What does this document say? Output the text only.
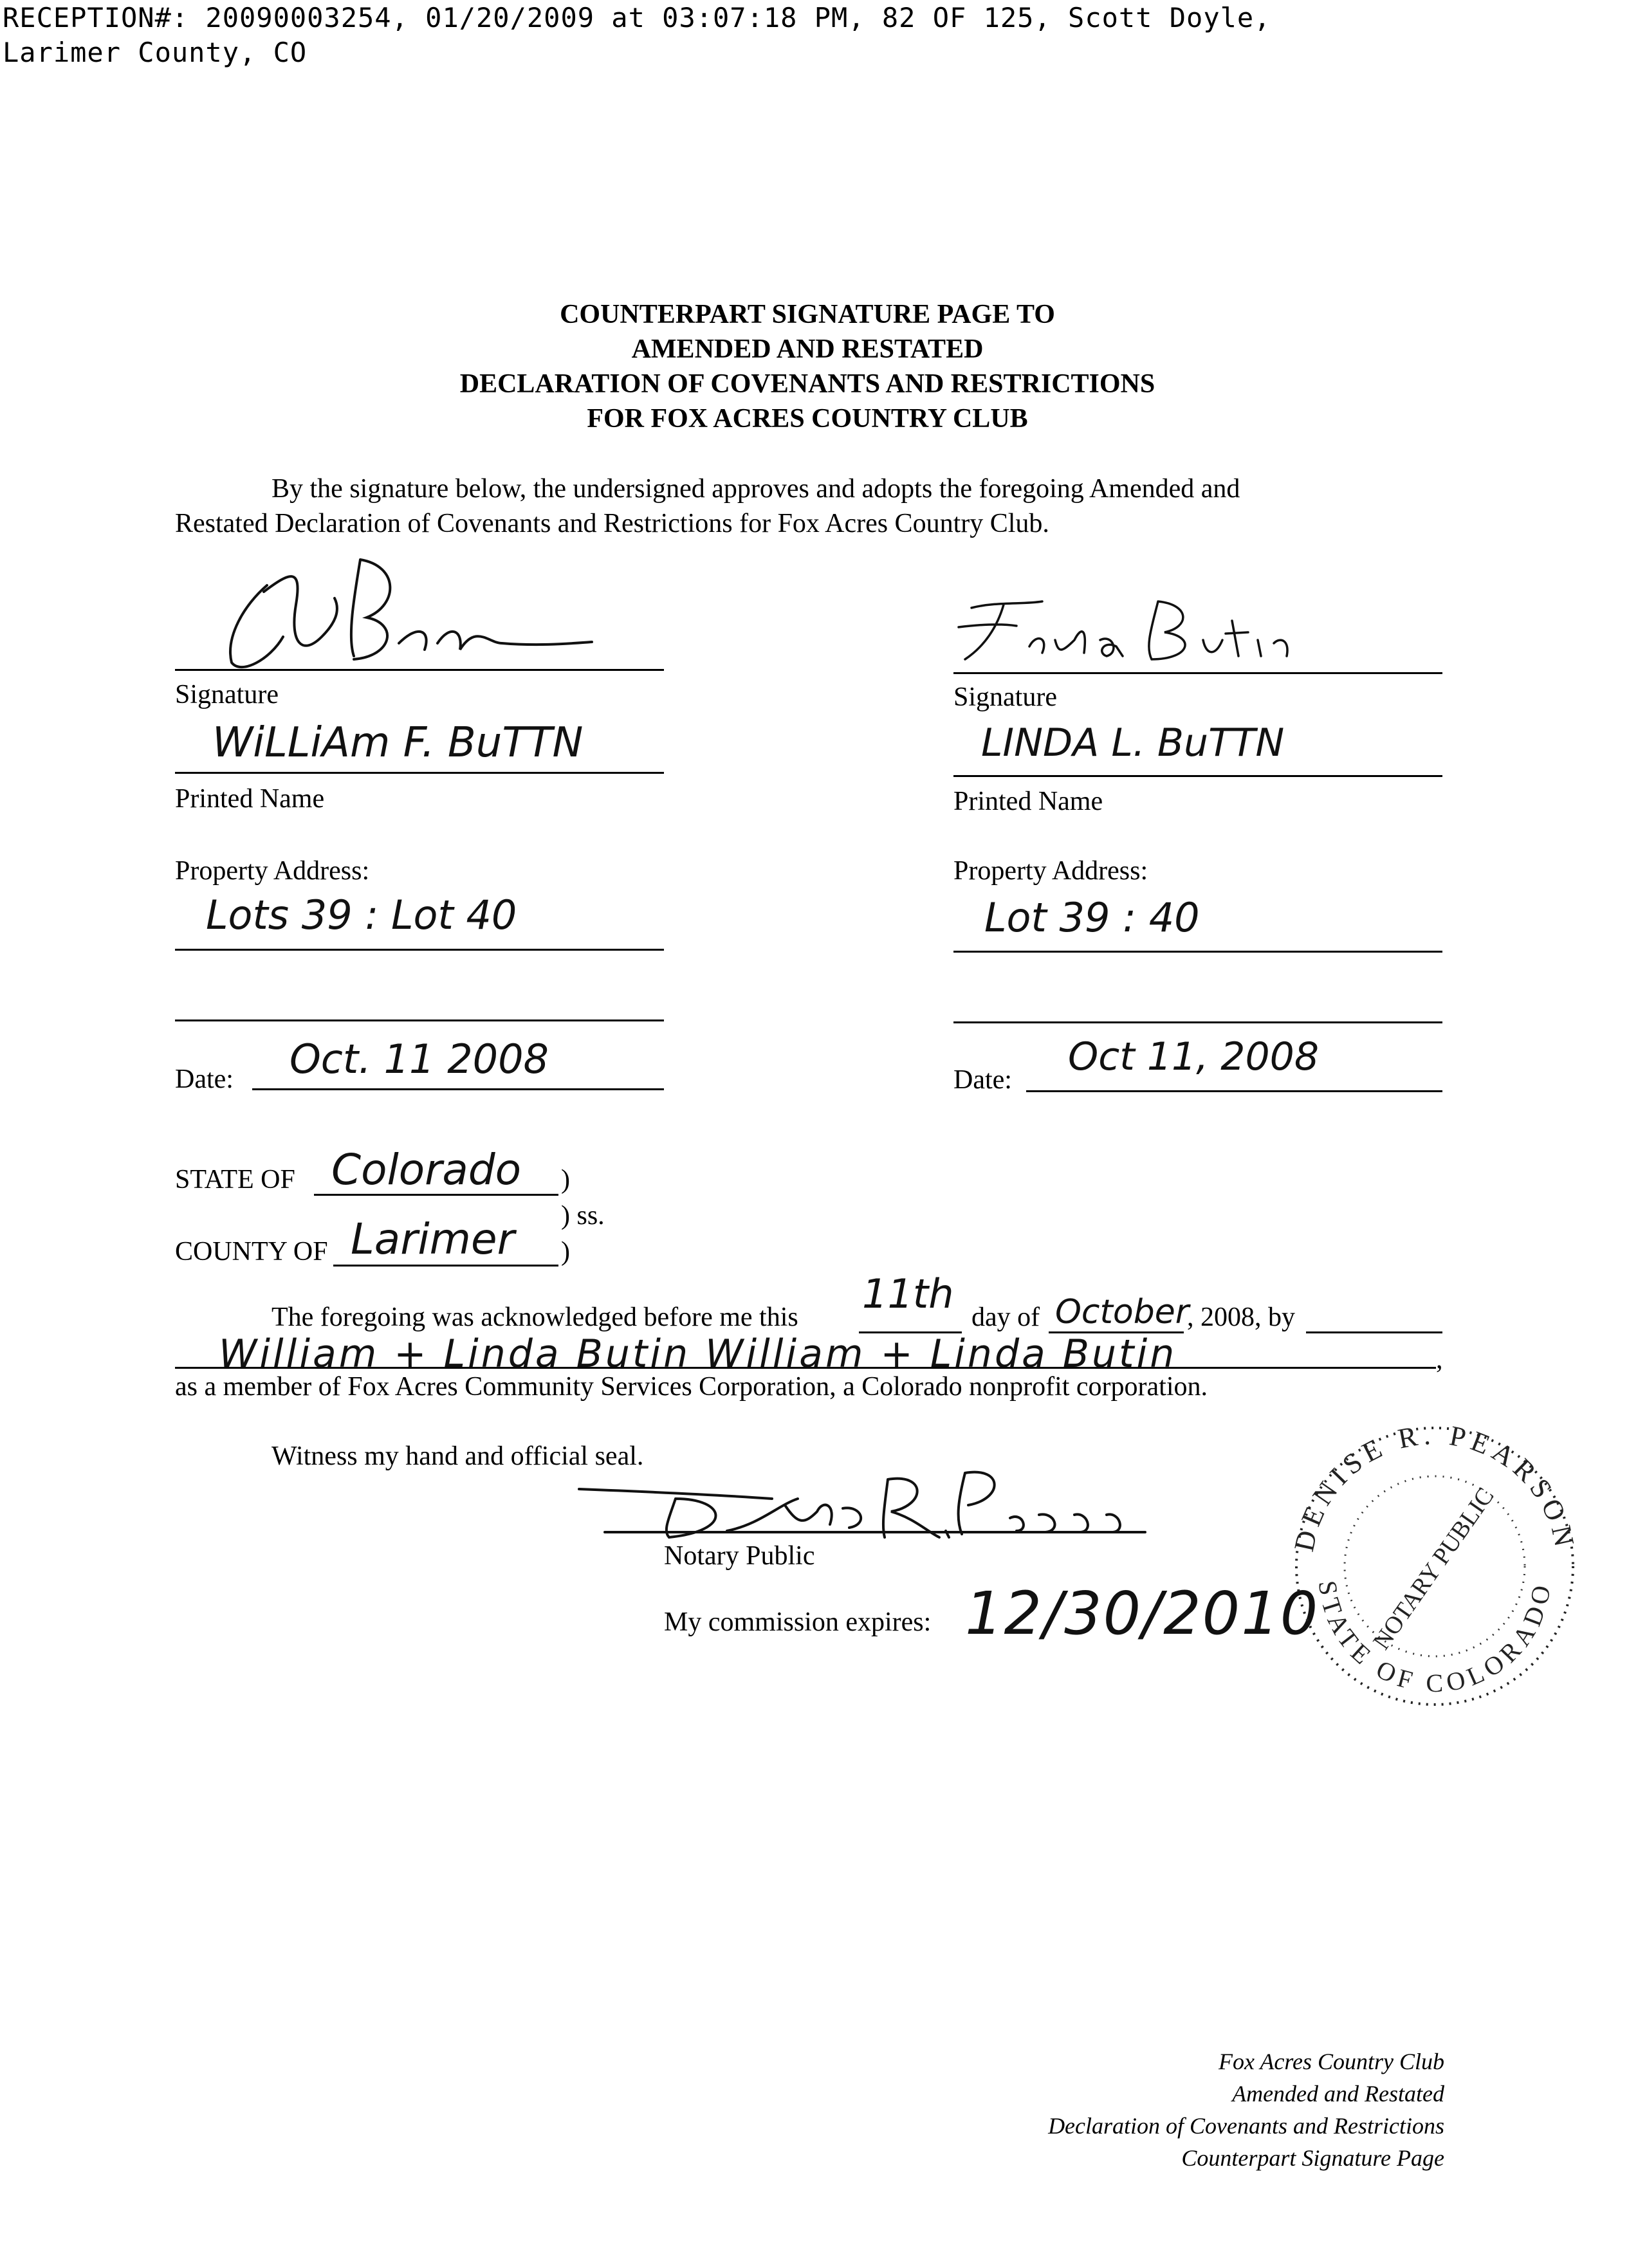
RECEPTION#: 20090003254, 01/20/2009 at 03:07:18 PM, 82 OF 125, Scott Doyle,
Larimer County, CO
COUNTERPART SIGNATURE PAGE TO
AMENDED AND RESTATED
DECLARATION OF COVENANTS AND RESTRICTIONS
FOR FOX ACRES COUNTRY CLUB
By the signature below, the undersigned approves and adopts the foregoing Amended and
Restated Declaration of Covenants and Restrictions for Fox Acres Country Club.
Signature
WiLLiAm F. BuTTN
Printed Name
Property Address:
Lots 39 : Lot 40
Date: Oct. 11 2008
Signature
LINDA L. BuTTN
Printed Name
Property Address:
Lot 39 : 40
Date:
Oct 11, 2008
STATE OF Colorado )
) ss.
COUNTY OF Larimer )
The foregoing was acknowledged before me this 11th day of October
, 2008, by
William + Linda Butin William + Linda Butin	,
as a member of Fox Acres Community Services Corporation, a Colorado nonprofit corporation.
Witness my hand and official seal.
Notary Public
My commission expires: 12/30/2010
DENISE R. PEARSON
STATE OF COLORADO
NOTARY PUBLIC
Fox Acres Country Club
Amended and Restated
Declaration of Covenants and Restrictions
Counterpart Signature Page
